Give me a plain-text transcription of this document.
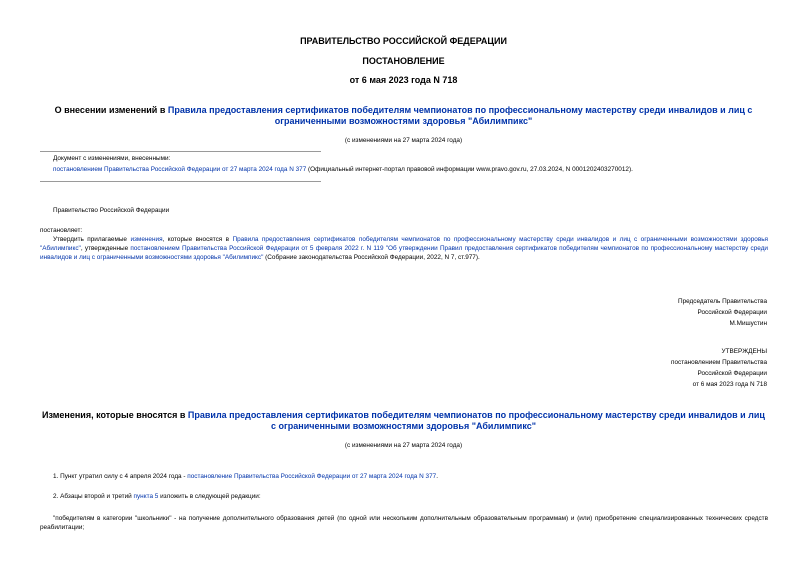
ПРАВИТЕЛЬСТВО РОССИЙСКОЙ ФЕДЕРАЦИИ
ПОСТАНОВЛЕНИЕ
от 6 мая 2023 года N 718
О внесении изменений в Правила предоставления сертификатов победителям чемпионатов по профессиональному мастерству среди инвалидов и лиц с ограниченными возможностями здоровья "Абилимпикс"
(с изменениями на 27 марта 2024 года)
Документ с изменениями, внесенными:
постановлением Правительства Российской Федерации от 27 марта 2024 года N 377 (Официальный интернет-портал правовой информации www.pravo.gov.ru, 27.03.2024, N 0001202403270012).
Правительство Российской Федерации
постановляет:
Утвердить прилагаемые изменения, которые вносятся в Правила предоставления сертификатов победителям чемпионатов по профессиональному мастерству среди инвалидов и лиц с ограниченными возможностями здоровья "Абилимпикс", утвержденные постановлением Правительства Российской Федерации от 5 февраля 2022 г. N 119 "Об утверждении Правил предоставления сертификатов победителям чемпионатов по профессиональному мастерству среди инвалидов и лиц с ограниченными возможностями здоровья "Абилимпикс" (Собрание законодательства Российской Федерации, 2022, N 7, ст.977).
Председатель Правительства
Российской Федерации
М.Мишустин
УТВЕРЖДЕНЫ
постановлением Правительства
Российской Федерации
от 6 мая 2023 года N 718
Изменения, которые вносятся в Правила предоставления сертификатов победителям чемпионатов по профессиональному мастерству среди инвалидов и лиц с ограниченными возможностями здоровья "Абилимпикс"
(с изменениями на 27 марта 2024 года)
1. Пункт утратил силу с 4 апреля 2024 года - постановление Правительства Российской Федерации от 27 марта 2024 года N 377.
2. Абзацы второй и третий пункта 5 изложить в следующей редакции:
"победителям в категории "школьники" - на получение дополнительного образования детей (по одной или нескольким дополнительным образовательным программам) и (или) приобретение специализированных технических средств реабилитации;
